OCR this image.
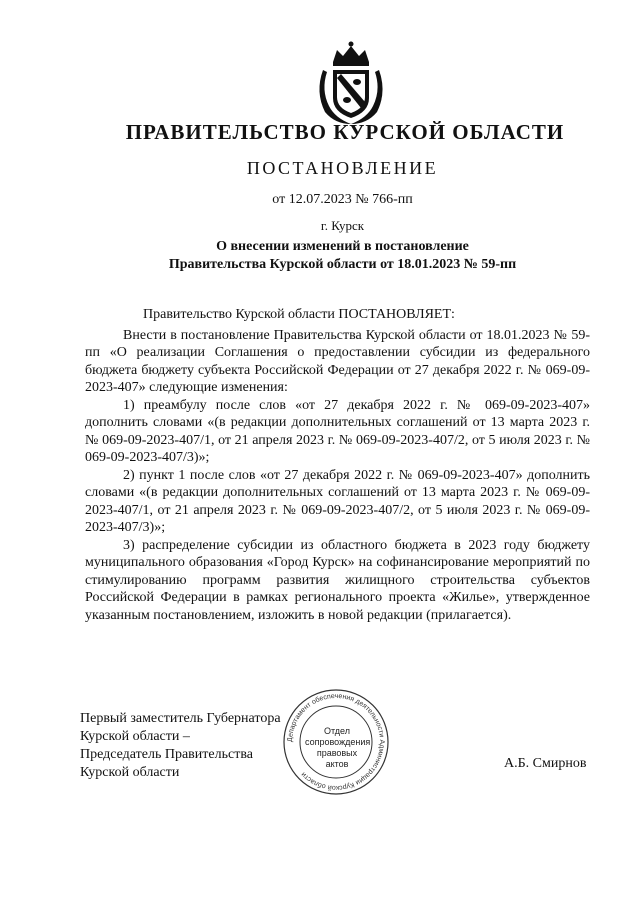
ПРАВИТЕЛЬСТВО КУРСКОЙ ОБЛАСТИ
ПОСТАНОВЛЕНИЕ
от 12.07.2023 № 766-пп
г. Курск
О внесении изменений в постановление
Правительства Курской области от 18.01.2023 № 59-пп

Правительство Курской области ПОСТАНОВЛЯЕТ:

Внести в постановление Правительства Курской области от 18.01.2023 № 59-пп «О реализации Соглашения о предоставлении субсидии из федерального бюджета бюджету субъекта Российской Федерации от 27 декабря 2022 г. № 069-09-2023-407» следующие изменения:

1) преамбулу после слов «от 27 декабря 2022 г. № 069-09-2023-407» дополнить словами «(в редакции дополнительных соглашений от 13 марта 2023 г. № 069-09-2023-407/1, от 21 апреля 2023 г. № 069-09-2023-407/2, от 5 июля 2023 г. № 069-09-2023-407/3)»;

2) пункт 1 после слов «от 27 декабря 2022 г. № 069-09-2023-407» дополнить словами «(в редакции дополнительных соглашений от 13 марта 2023 г. № 069-09-2023-407/1, от 21 апреля 2023 г. № 069-09-2023-407/2, от 5 июля 2023 г. № 069-09-2023-407/3)»;

3) распределение субсидии из областного бюджета в 2023 году бюджету муниципального образования «Город Курск» на софинансирование мероприятий по стимулированию программ развития жилищного строительства субъектов Российской Федерации в рамках регионального проекта «Жилье», утвержденное указанным постановлением, изложить в новой редакции (прилагается).

Первый заместитель Губернатора
Курской области –
Председатель Правительства
Курской области
А.Б. Смирнов
Департамент обеспечения деятельности Администрации Курской области
Отдел
сопровождения
правовых
актов
